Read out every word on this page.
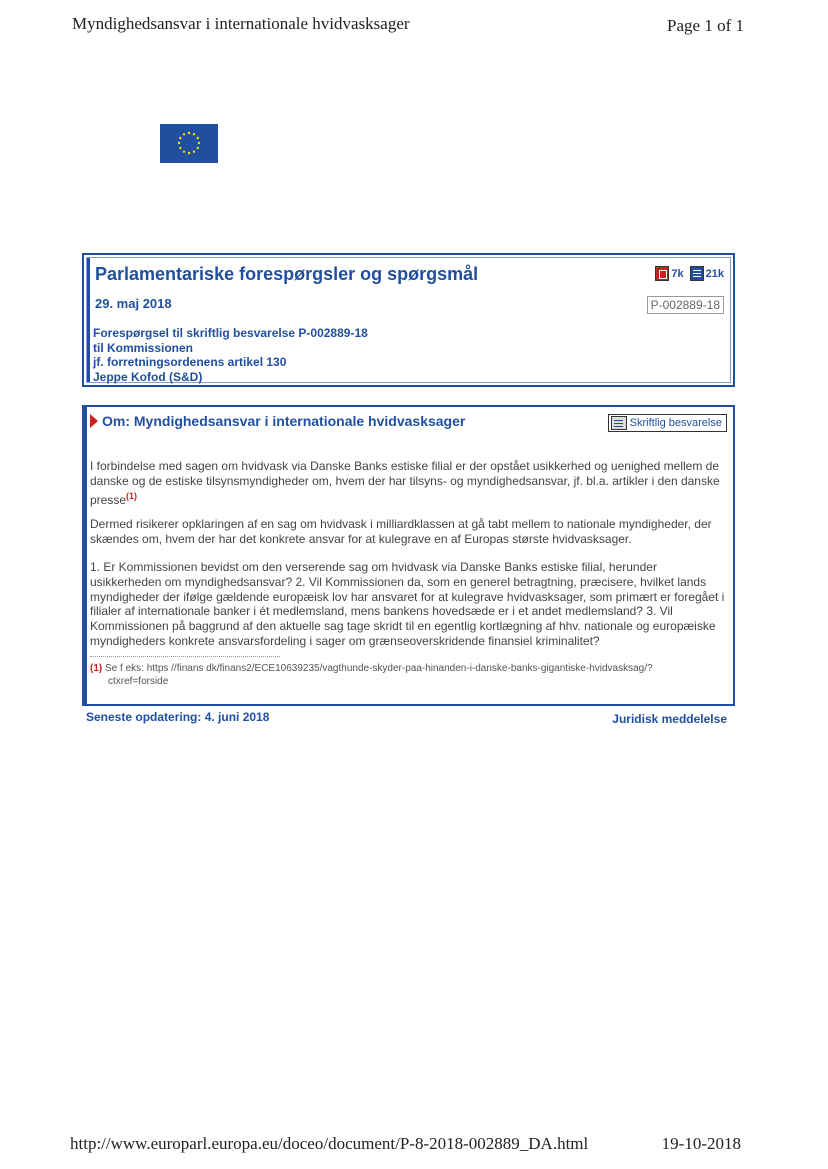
Myndighedsansvar i internationale hvidvasksager	Page 1 of 1
Parlamentariske forespørgsler og spørgsmål	7k 21k
29. maj 2018	P-002889-18
Forespørgsel til skriftlig besvarelse P-002889-18
til Kommissionen
jf. forretningsordenens artikel 130
Jeppe Kofod (S&D)
Om: Myndighedsansvar i internationale hvidvasksager	Skriftlig besvarelse
I forbindelse med sagen om hvidvask via Danske Banks estiske filial er der opstået usikkerhed og uenighed mellem de danske og de estiske tilsynsmyndigheder om, hvem der har tilsyns- og myndighedsansvar, jf. bl.a. artikler i den danske presse$^{(1)}$
Dermed risikerer opklaringen af en sag om hvidvask i milliardklassen at gå tabt mellem to nationale myndigheder, der skændes om, hvem der har det konkrete ansvar for at kulegrave en af Europas største hvidvasksager.
1. Er Kommissionen bevidst om den verserende sag om hvidvask via Danske Banks estiske filial, herunder usikkerheden om myndighedsansvar? 2. Vil Kommissionen da, som en generel betragtning, præcisere, hvilket lands myndigheder der ifølge gældende europæisk lov har ansvaret for at kulegrave hvidvasksager, som primært er foregået i filialer af internationale banker i ét medlemsland, mens bankens hovedsæde er i et andet medlemsland? 3. Vil Kommissionen på baggrund af den aktuelle sag tage skridt til en egentlig kortlægning af hhv. nationale og europæiske myndigheders konkrete ansvarsfordeling i sager om grænseoverskridende finansiel kriminalitet?
(1) Se f eks: https //finans dk/finans2/ECE10639235/vagthunde-skyder-paa-hinanden-i-danske-banks-gigantiske-hvidvasksag/?
ctxref=forside
Seneste opdatering: 4. juni 2018	Juridisk meddelelse
http://www.europarl.europa.eu/doceo/document/P-8-2018-002889_DA.html	19-10-2018
